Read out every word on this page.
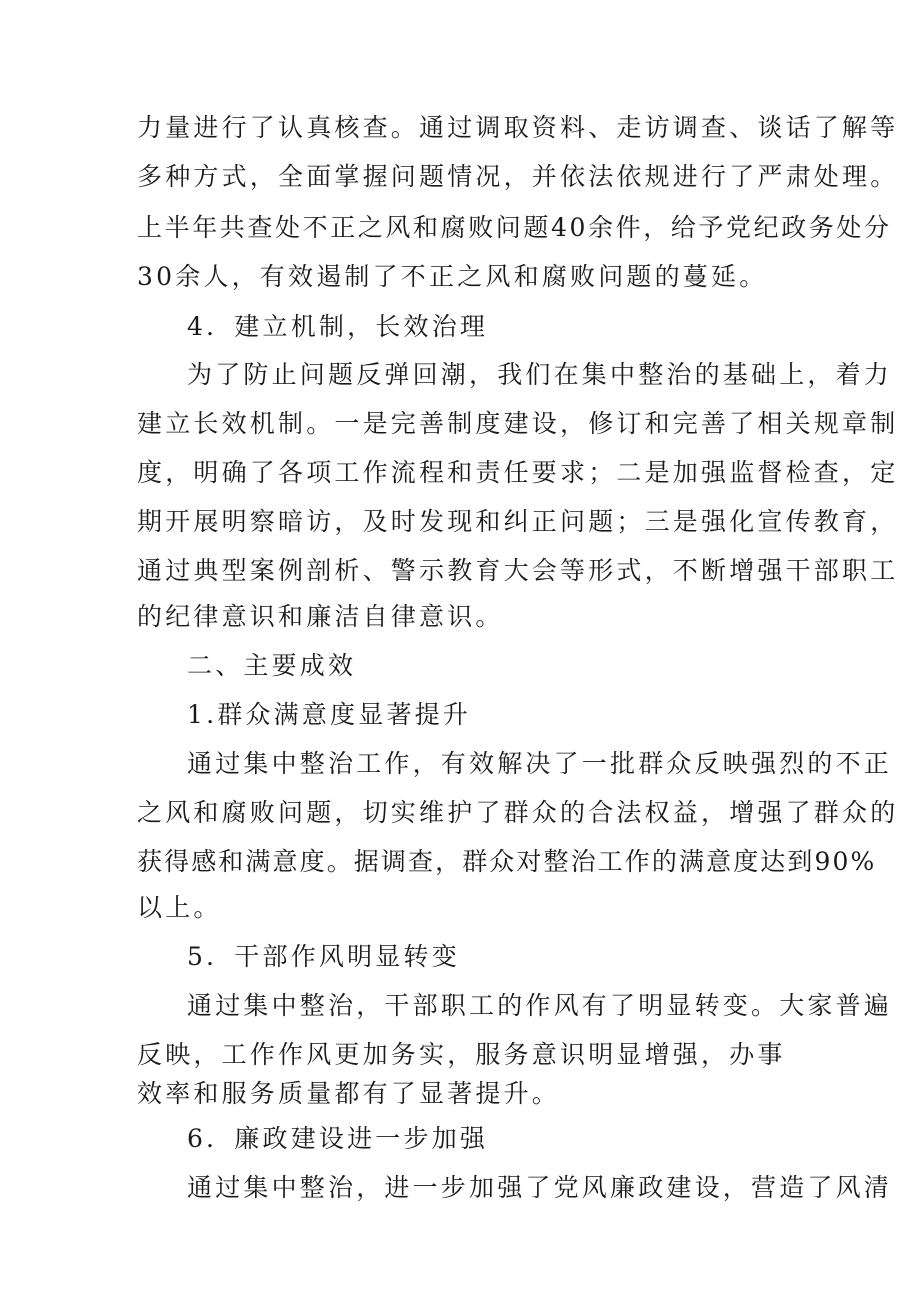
力量进行了认真核查。通过调取资料、走访调查、谈话了解等
多种方式，全面掌握问题情况，并依法依规进行了严肃处理。
上半年共查处不正之风和腐败问题40余件，给予党纪政务处分
30余人，有效遏制了不正之风和腐败问题的蔓延。
4．建立机制，长效治理
为了防止问题反弹回潮，我们在集中整治的基础上，着力
建立长效机制。一是完善制度建设，修订和完善了相关规章制
度，明确了各项工作流程和责任要求；二是加强监督检查，定
期开展明察暗访，及时发现和纠正问题；三是强化宣传教育，
通过典型案例剖析、警示教育大会等形式，不断增强干部职工
的纪律意识和廉洁自律意识。
二、主要成效
1.群众满意度显著提升
通过集中整治工作，有效解决了一批群众反映强烈的不正
之风和腐败问题，切实维护了群众的合法权益，增强了群众的
获得感和满意度。据调查，群众对整治工作的满意度达到90%
以上。
5．干部作风明显转变
通过集中整治，干部职工的作风有了明显转变。大家普遍
反映，工作作风更加务实，服务意识明显增强，办事
效率和服务质量都有了显著提升。
6．廉政建设进一步加强
通过集中整治，进一步加强了党风廉政建设，营造了风清
